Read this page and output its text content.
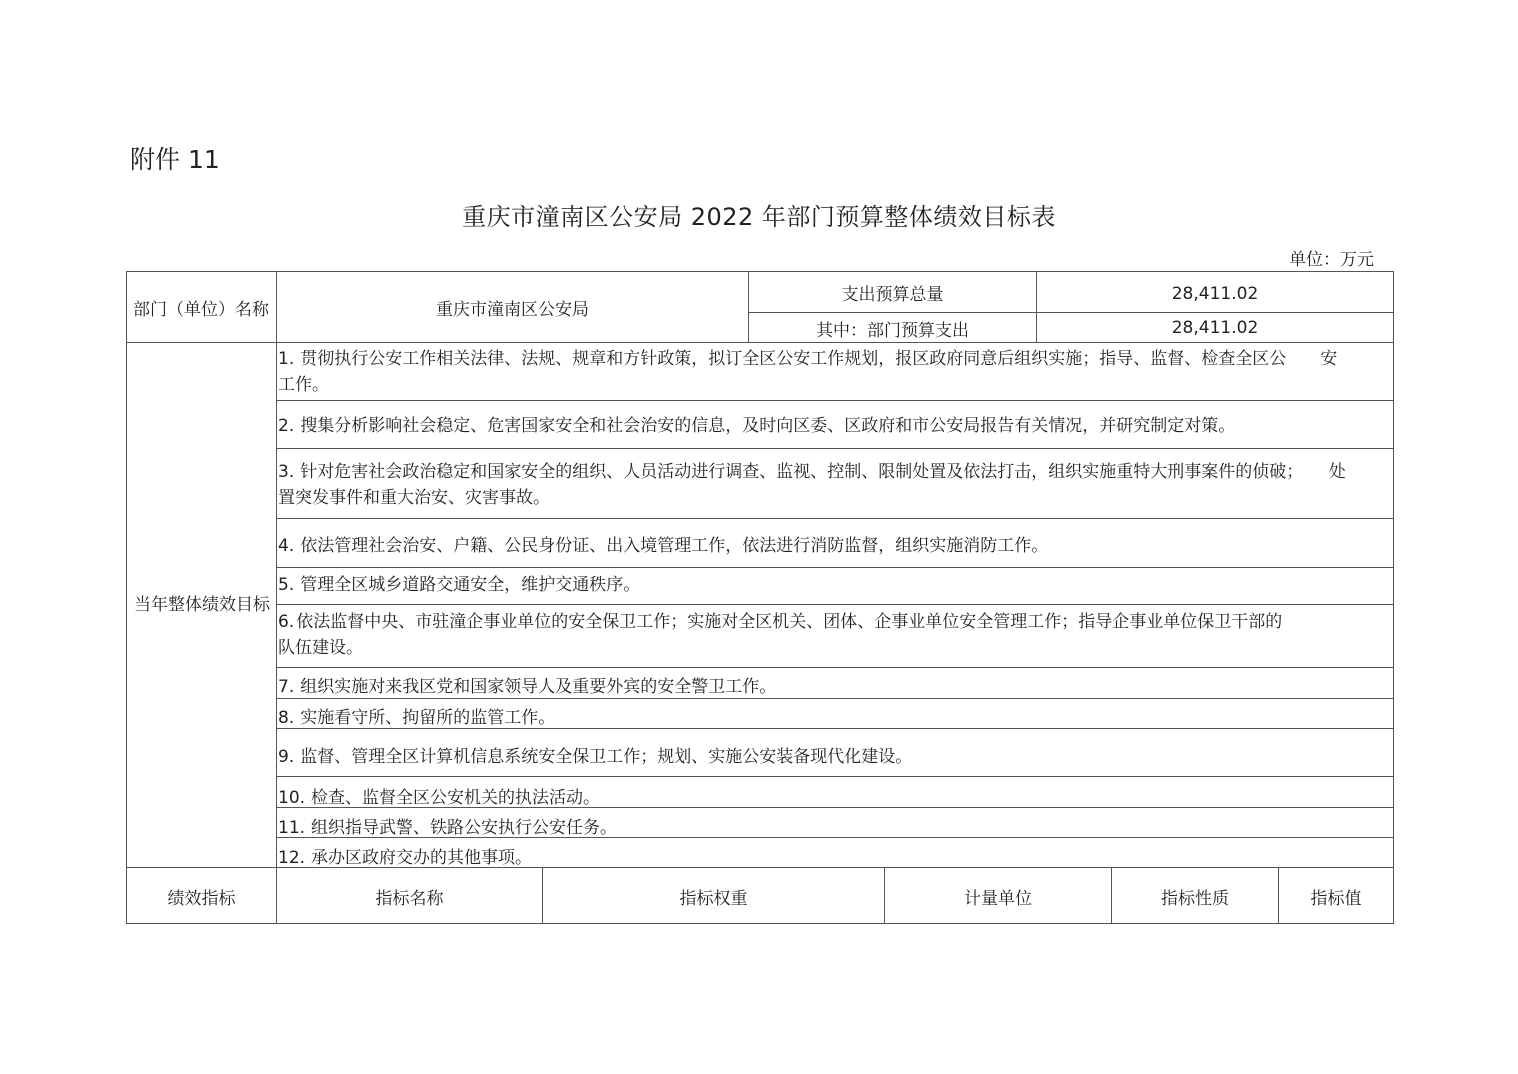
附件 11
重庆市潼南区公安局 2022 年部门预算整体绩效目标表
单位：万元
部门（单位）名称	重庆市潼南区公安局
支出预算总量	28,411.02
其中：部门预算支出	28,411.02
当年整体绩效目标
1. 贯彻执行公安工作相关法律、法规、规章和方针政策，拟订全区公安工作规划，报区政府同意后组织实施；指导、监督、检查全区公　　安
工作。
2. 搜集分析影响社会稳定、危害国家安全和社会治安的信息，及时向区委、区政府和市公安局报告有关情况，并研究制定对策。
3. 针对危害社会政治稳定和国家安全的组织、人员活动进行调查、监视、控制、限制处置及依法打击，组织实施重特大刑事案件的侦破；　　处
置突发事件和重大治安、灾害事故。
4. 依法管理社会治安、户籍、公民身份证、出入境管理工作，依法进行消防监督，组织实施消防工作。
5. 管理全区城乡道路交通安全，维护交通秩序。
6. 依法监督中央、市驻潼企事业单位的安全保卫工作；实施对全区机关、团体、企事业单位安全管理工作；指导企事业单位保卫干部的
队伍建设。
7. 组织实施对来我区党和国家领导人及重要外宾的安全警卫工作。
8. 实施看守所、拘留所的监管工作。
9. 监督、管理全区计算机信息系统安全保卫工作；规划、实施公安装备现代化建设。
10. 检查、监督全区公安机关的执法活动。
11. 组织指导武警、铁路公安执行公安任务。
12. 承办区政府交办的其他事项。
绩效指标	指标名称	指标权重	计量单位	指标性质	指标值
